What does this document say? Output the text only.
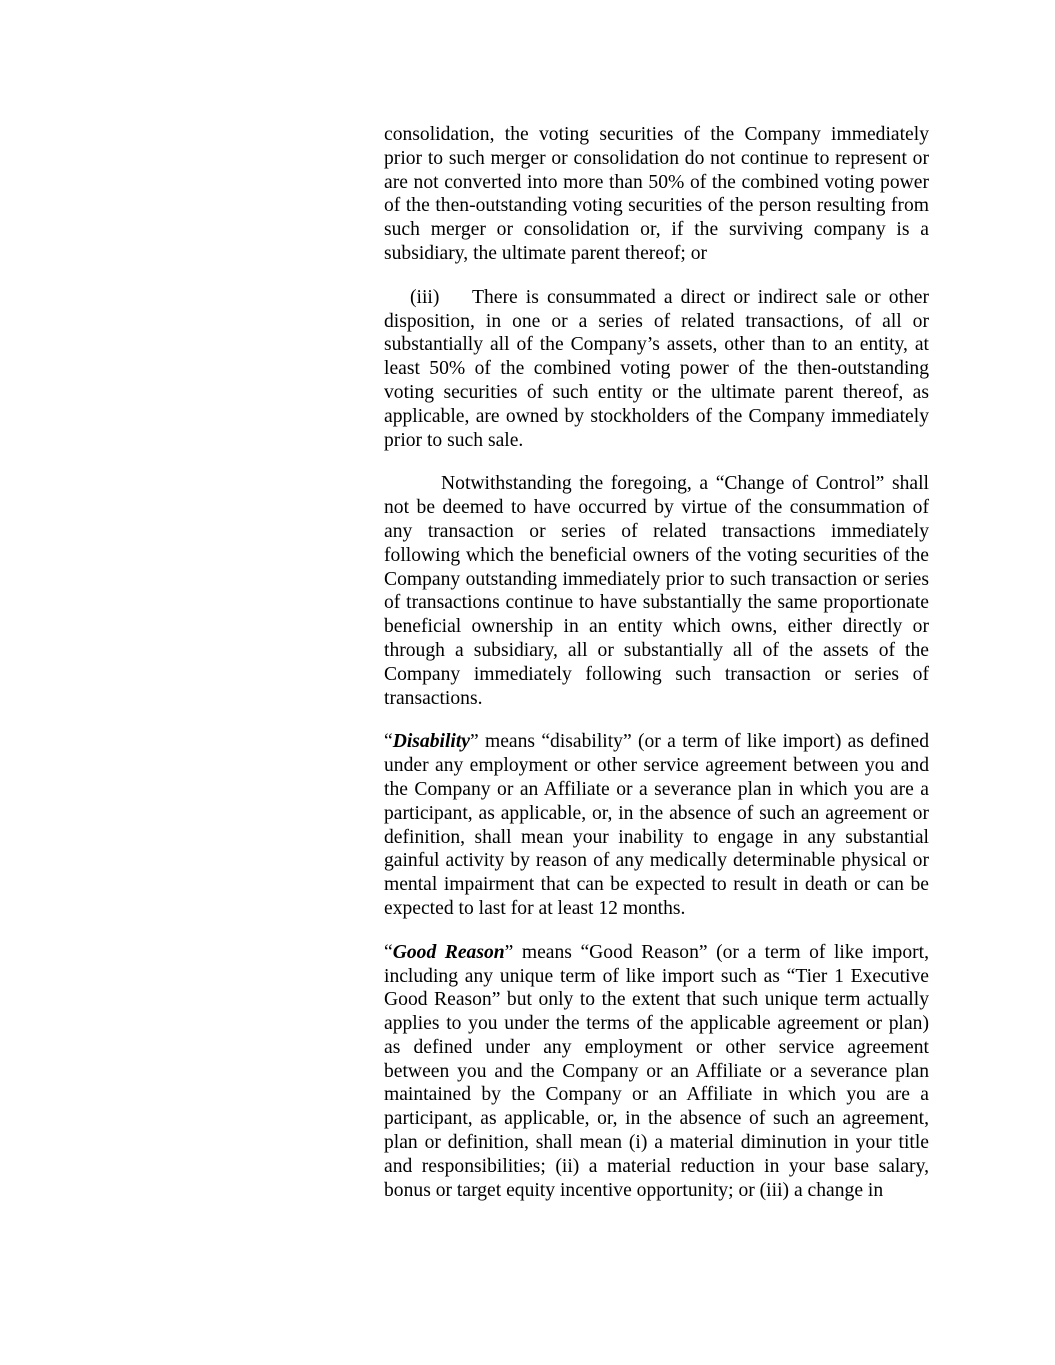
consolidation, the voting securities of the Company immediately prior to such merger or consolidation do not continue to represent or are not converted into more than 50% of the combined voting power of the then-outstanding voting securities of the person resulting from such merger or consolidation or, if the surviving company is a subsidiary, the ultimate parent thereof; or

(iii) There is consummated a direct or indirect sale or other disposition, in one or a series of related transactions, of all or substantially all of the Company’s assets, other than to an entity, at least 50% of the combined voting power of the then-outstanding voting securities of such entity or the ultimate parent thereof, as applicable, are owned by stockholders of the Company immediately prior to such sale.

Notwithstanding the foregoing, a “Change of Control” shall not be deemed to have occurred by virtue of the consummation of any transaction or series of related transactions immediately following which the beneficial owners of the voting securities of the Company outstanding immediately prior to such transaction or series of transactions continue to have substantially the same proportionate beneficial ownership in an entity which owns, either directly or through a subsidiary, all or substantially all of the assets of the Company immediately following such transaction or series of transactions.

“Disability” means “disability” (or a term of like import) as defined under any employment or other service agreement between you and the Company or an Affiliate or a severance plan in which you are a participant, as applicable, or, in the absence of such an agreement or definition, shall mean your inability to engage in any substantial gainful activity by reason of any medically determinable physical or mental impairment that can be expected to result in death or can be expected to last for at least 12 months.

“Good Reason” means “Good Reason” (or a term of like import, including any unique term of like import such as “Tier 1 Executive Good Reason” but only to the extent that such unique term actually applies to you under the terms of the applicable agreement or plan) as defined under any employment or other service agreement between you and the Company or an Affiliate or a severance plan maintained by the Company or an Affiliate in which you are a participant, as applicable, or, in the absence of such an agreement, plan or definition, shall mean (i) a material diminution in your title and responsibilities; (ii) a material reduction in your base salary, bonus or target equity incentive opportunity; or (iii) a change in
